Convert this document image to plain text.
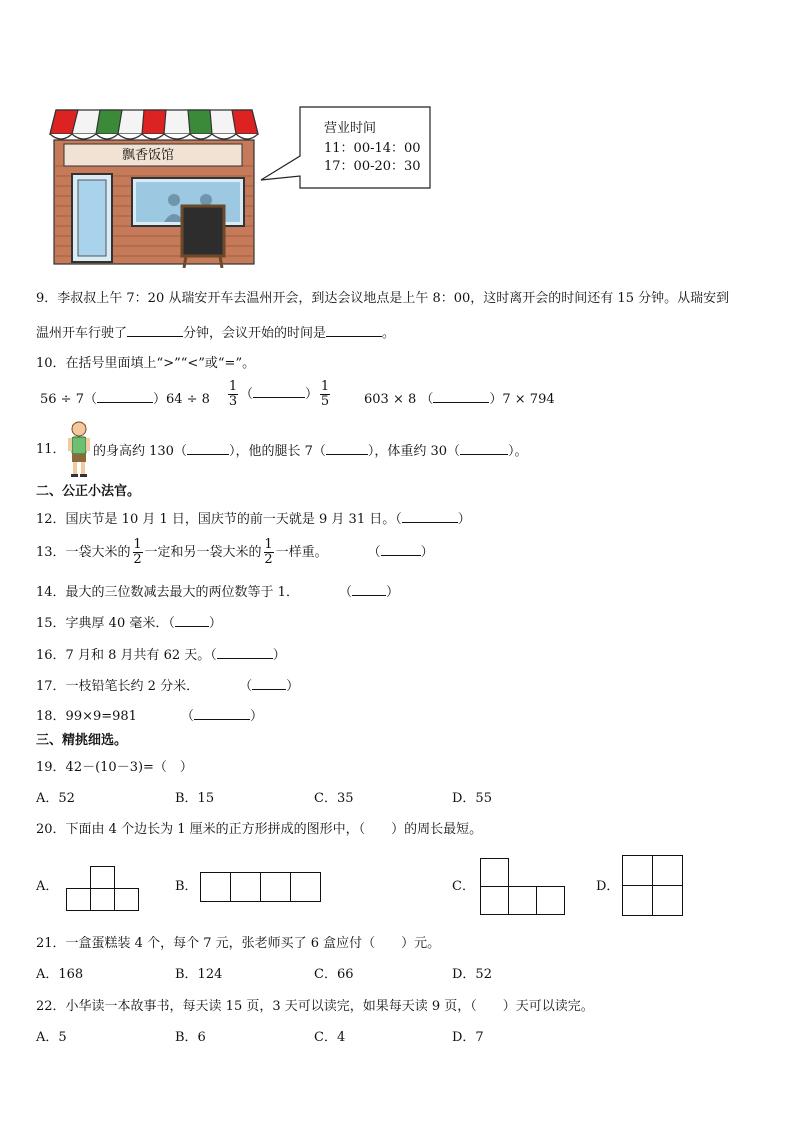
飘香饭馆
营业时间
11：00-14：00
17：00-20：30
9．李叔叔上午 7：20 从瑞安开车去温州开会，到达会议地点是上午 8：00，这时离开会的时间还有 15 分钟。从瑞安到
温州开车行驶了	分钟，会议开始的时间是	。
10．在括号里面填上“>”“<”或“=”。
56 ÷ 7（	）$64 \div 8 \frac{1}{3}$ （	） $\frac{1}{5}$	603 × 8 （	）7 × 794
11． 的身高约 130（	），他的腿长 7（	），体重约 30（	）。
二、公正小法官。
12．国庆节是 10 月 1 日，国庆节的前一天就是 9 月 31 日。（	）
13．一袋大米的 $\frac{1}{2}$ 一定和另一袋大米的 $\frac{1}{2}$ 一样重。	（	）
14．最大的三位数减去最大的两位数等于 1．	（	）
15．字典厚 40 毫米．（	）
16．7 月和 8 月共有 62 天。（	）
17．一枝铅笔长约 2 分米．	（	）
18．99×9=981	（	）
三、精挑细选。
19．42－(10－3)=（　）
A．52	B．15	C．35	D．55
20．下面由 4 个边长为 1 厘米的正方形拼成的图形中，（　　）的周长最短。
A．	B．	C．	D．
21．一盒蛋糕装 4 个，每个 7 元，张老师买了 6 盒应付（　　）元。
A．168	B．124	C．66	D．52
22．小华读一本故事书，每天读 15 页，3 天可以读完，如果每天读 9 页，（　　）天可以读完。
A．5	B．6	C．4	D．7
